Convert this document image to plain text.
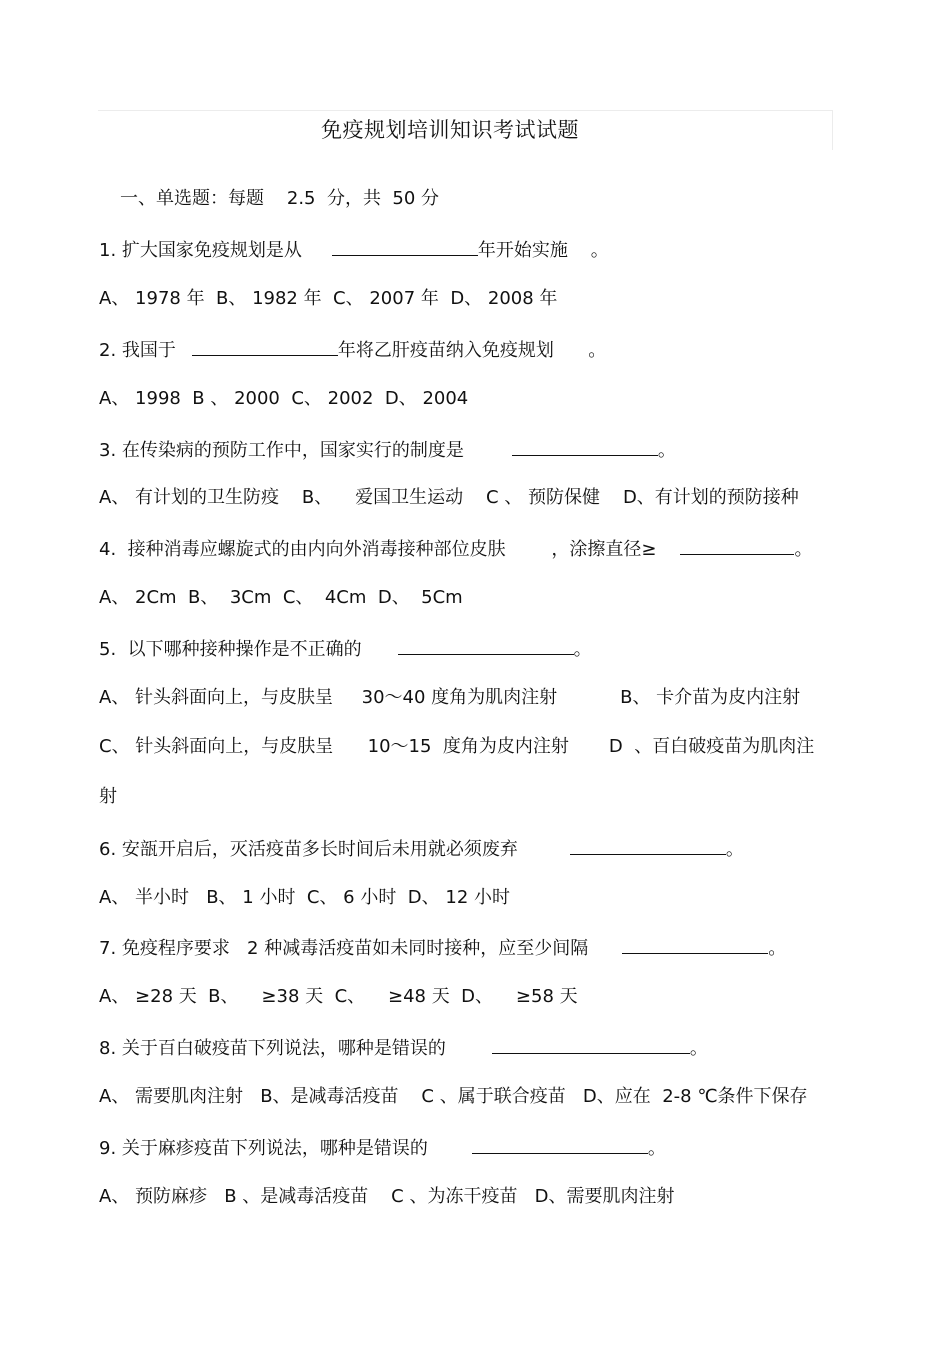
免疫规划培训知识考试试题
一、单选题：每题    2.5  分，共  50 分
1. 扩大国家免疫规划是从	年开始实施    。
A、 1978 年  B、 1982 年  C、 2007 年  D、 2008 年
2. 我国于	年将乙肝疫苗纳入免疫规划      。
A、 1998  B 、 2000  C、 2002  D、 2004
3. 在传染病的预防工作中，国家实行的制度是	。
A、 有计划的卫生防疫    B、    爱国卫生运动    C 、 预防保健    D、有计划的预防接种
4.  接种消毒应螺旋式的由内向外消毒接种部位皮肤        ，涂擦直径≥	。
A、 2Cm  B、  3Cm  C、  4Cm  D、  5Cm
5.  以下哪种接种操作是不正确的	。
A、 针头斜面向上，与皮肤呈     30～40 度角为肌肉注射           B、 卡介苗为皮内注射
C、 针头斜面向上，与皮肤呈      10～15  度角为皮内注射       D  、百白破疫苗为肌肉注
射
6. 安瓿开启后，灭活疫苗多长时间后未用就必须废弃	。
A、 半小时   B、 1 小时  C、 6 小时  D、 12 小时
7. 免疫程序要求   2 种减毒活疫苗如未同时接种，应至少间隔	。
A、 ≥28 天  B、    ≥38 天  C、    ≥48 天  D、    ≥58 天
8. 关于百白破疫苗下列说法，哪种是错误的	。
A、 需要肌肉注射   B、是减毒活疫苗    C 、属于联合疫苗   D、应在  2-8 ℃条件下保存
9. 关于麻疹疫苗下列说法，哪种是错误的	。
A、 预防麻疹   B 、是减毒活疫苗    C 、为冻干疫苗   D、需要肌肉注射
